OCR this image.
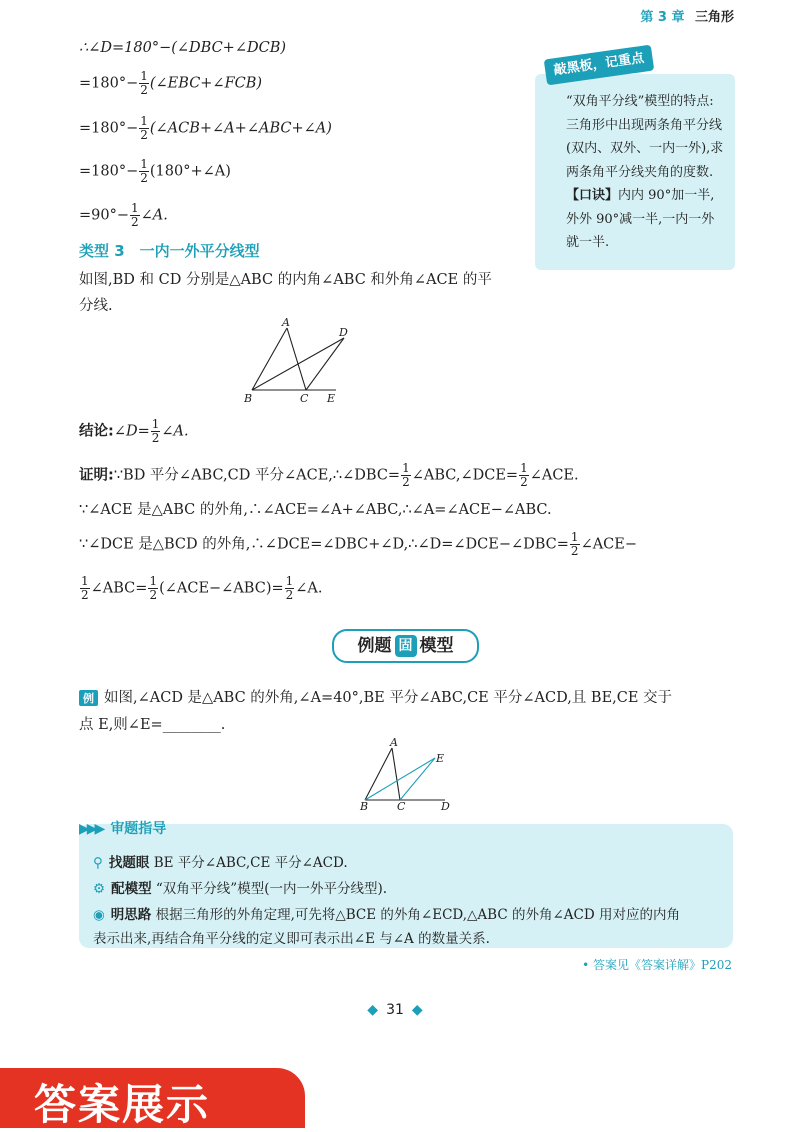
第 3 章 三角形
∴∠D=180°−(∠DBC+∠DCB)
$=180^\circ- \frac{1}{2}$ (∠EBC+∠FCB)
$=180^\circ- \frac{1}{2}$ (∠ACB+∠A+∠ABC+∠A)
$=180^\circ- \frac{1}{2}$ (180°+∠A)
$=90^\circ- \frac{1}{2}$ ∠A.
敲黑板，记重点
“双角平分线”模型的特点:三角形中出现两条角平分线(双内、双外、一内一外),求两条角平分线夹角的度数.
【口诀】内内 90°加一半,外外 90°减一半,一内一外就一半.
类型 3　一内一外平分线型
如图,BD 和 CD 分别是△ABC 的内角∠ABC 和外角∠ACE 的平
分线.
A
B	C
D
E
结论:∠D= $\frac{1}{2}$ ∠A.
证明:∵BD 平分∠ABC,CD 平分∠ACE,∴∠DBC= $\frac{1}{2}$ ∠ABC,∠DCE= $\frac{1}{2}$ ∠ACE.
∵∠ACE 是△ABC 的外角,∴∠ACE=∠A+∠ABC,∴∠A=∠ACE−∠ABC.
∵∠DCE 是△BCD 的外角,∴∠DCE=∠DBC+∠D,∴∠D=∠DCE−∠DBC= $\frac{1}{2}$ ∠ACE−
$\frac{1}{2}$ ∠ABC= $\frac{1}{2}$ (∠ACE−∠ABC)= $\frac{1}{2}$ ∠A.
例题 固 模型
例 如图,∠ACD 是△ABC 的外角,∠A=40°,BE 平分∠ABC,CE 平分∠ACD,且 BE,CE 交于
点 E,则∠E=________.
A
B	C	D
E
▶▶▶ 审题指导
⚲ 找题眼 BE 平分∠ABC,CE 平分∠ACD.
⚙ 配模型 “双角平分线”模型(一内一外平分线型).
◉ 明思路 根据三角形的外角定理,可先将△BCE 的外角∠ECD,△ABC 的外角∠ACD 用对应的内角
表示出来,再结合角平分线的定义即可表示出∠E 与∠A 的数量关系.
• 答案见《答案详解》P202
◆ 31 ◆
答案展示
